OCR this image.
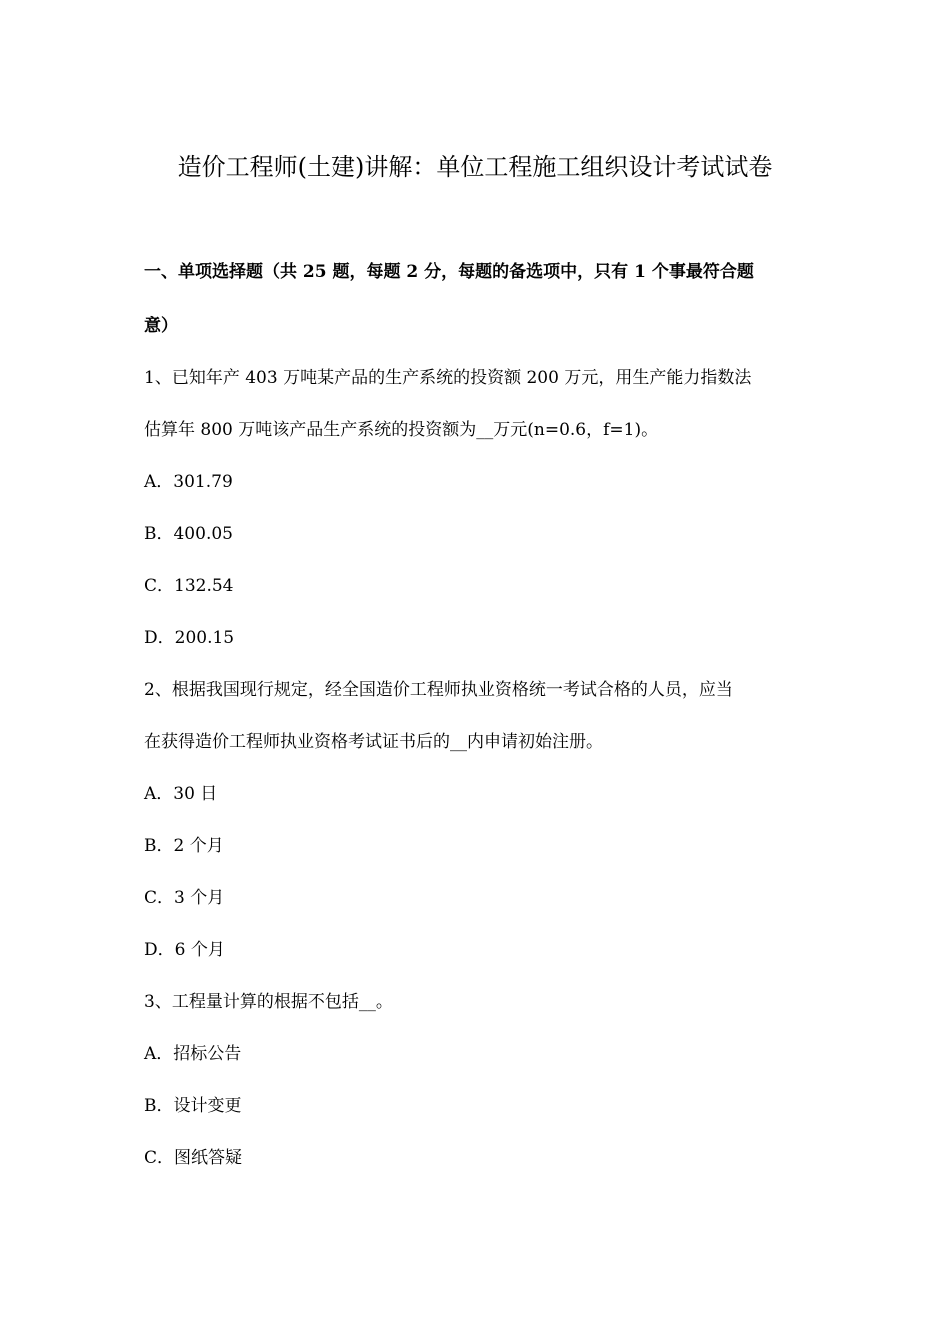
造价工程师(土建)讲解：单位工程施工组织设计考试试卷
一、单项选择题（共 25 题，每题 2 分，每题的备选项中，只有 1 个事最符合题
意）
1、已知年产 403 万吨某产品的生产系统的投资额 200 万元，用生产能力指数法
估算年 800 万吨该产品生产系统的投资额为__万元(n=0.6，f=1)。
A．301.79
B．400.05
C．132.54
D．200.15
2、根据我国现行规定，经全国造价工程师执业资格统一考试合格的人员，应当
在获得造价工程师执业资格考试证书后的__内申请初始注册。
A．30 日
B．2 个月
C．3 个月
D．6 个月
3、工程量计算的根据不包括__。
A．招标公告
B．设计变更
C．图纸答疑
